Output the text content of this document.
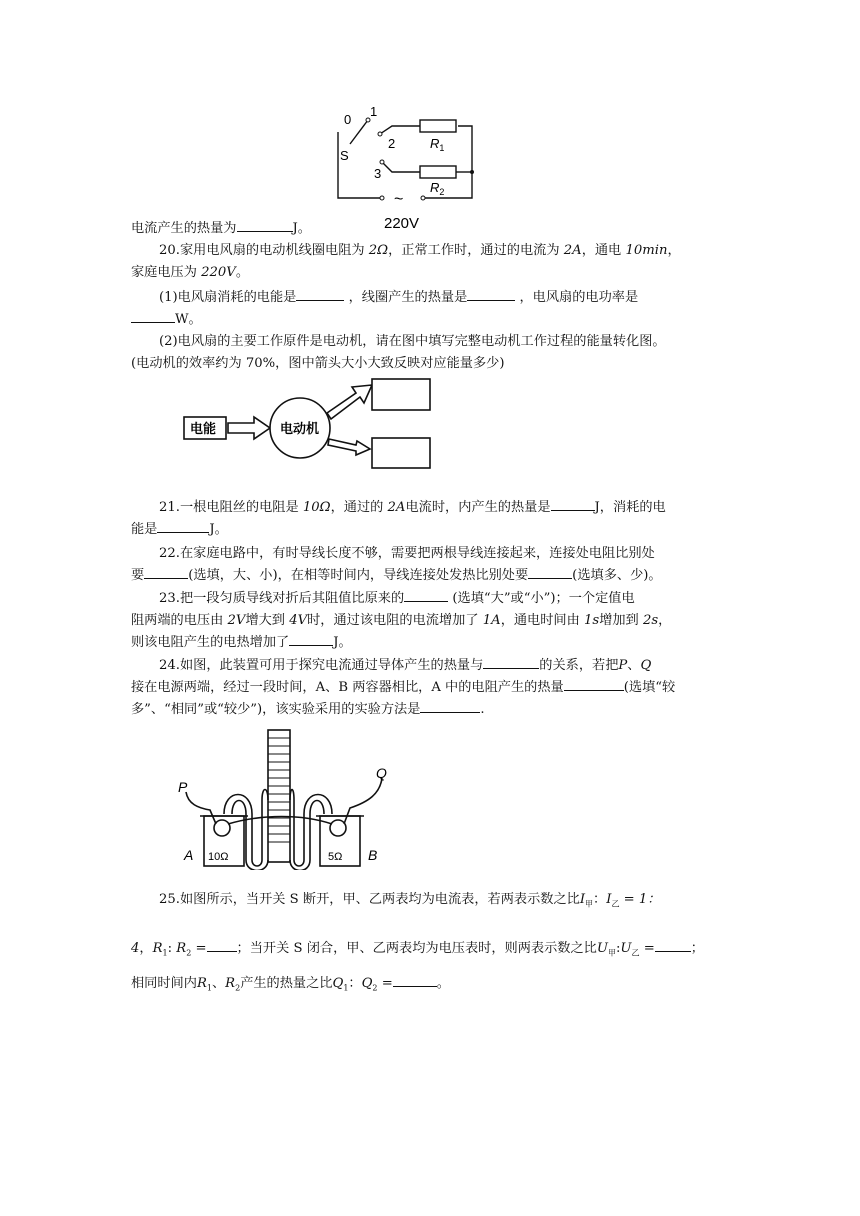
0
1
2
3
S
$R_1$
$R_2$
~
220V
电流产生的热量为	J。
20.家用电风扇的电动机线圈电阻为 2Ω，正常工作时，通过的电流为 2A，通电 10min，
家庭电压为 220V。
(1)电风扇消耗的电能是	，线圈产生的热量是	，电风扇的电功率是
W。
(2)电风扇的主要工作原件是电动机，请在图中填写完整电动机工作过程的能量转化图。
(电动机的效率约为 70%，图中箭头大小大致反映对应能量多少)
电能	电动机
21.一根电阻丝的电阻是 10Ω，通过的 2A电流时，内产生的热量是	J，消耗的电
能是	J。
22.在家庭电路中，有时导线长度不够，需要把两根导线连接起来，连接处电阻比别处
要	(选填，大、小)，在相等时间内，导线连接处发热比别处要	(选填多、少)。
23.把一段匀质导线对折后其阻值比原来的	(选填“大”或“小”)；一个定值电
阻两端的电压由 2V增大到 4V时，通过该电阻的电流增加了 1A，通电时间由 1s增加到 2s，
则该电阻产生的电热增加了	J。
24.如图，此装置可用于探究电流通过导体产生的热量与	的关系，若把P、Q
接在电源两端，经过一段时间，A、B 两容器相比，A 中的电阻产生的热量	(选填“较
多”、“相同”或“较少”)，该实验采用的实验方法是	.
P
Q
A	B
10Ω	5Ω
25.如图所示，当开关 S 断开，甲、乙两表均为电流表，若两表示数之比$I_甲$：$I_乙 = 1$：
4，$R_1$: $R_2$ = ；当开关 S 闭合，甲、乙两表均为电压表时，则两表示数之比$U_甲:U_乙$ =	；
相同时间内$R_1$、$R_2$产生的热量之比$Q_1$：$Q_2$ =	。
